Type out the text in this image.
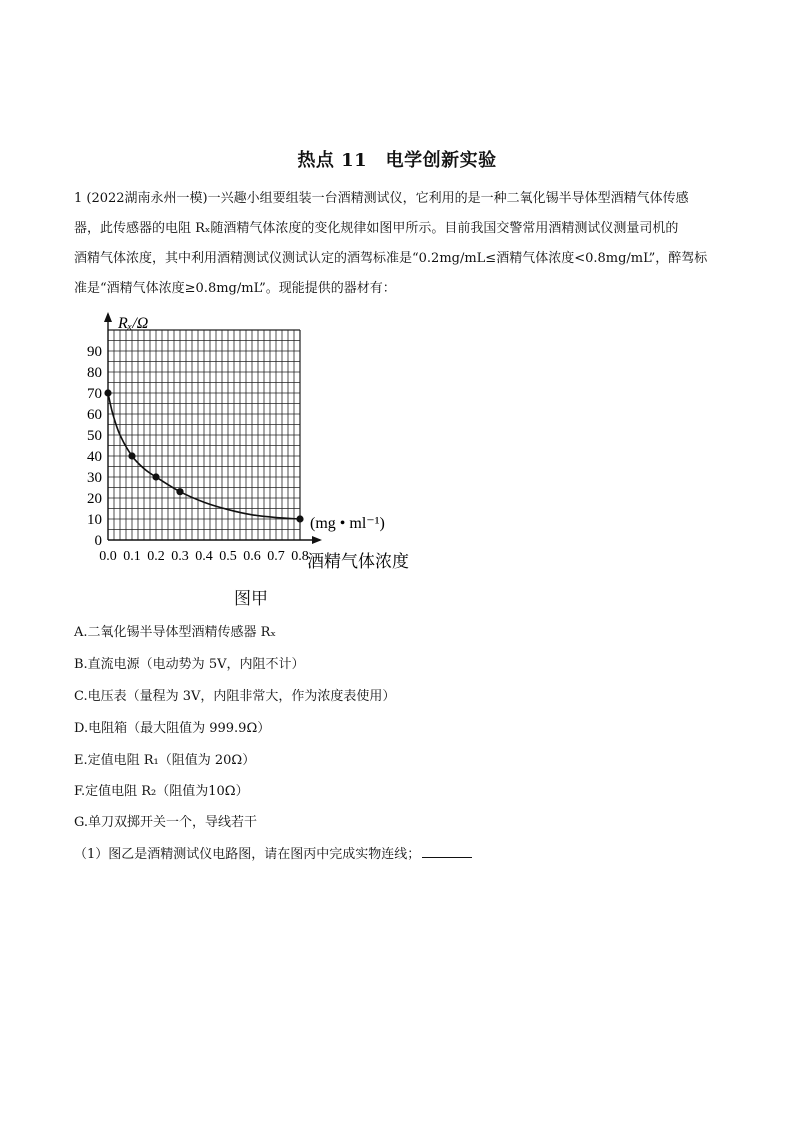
热点 11　电学创新实验
1 (2022湖南永州一模)一兴趣小组要组装一台酒精测试仪，它利用的是一种二氧化锡半导体型酒精气体传感
器，此传感器的电阻 Rₓ随酒精气体浓度的变化规律如图甲所示。目前我国交警常用酒精测试仪测量司机的
酒精气体浓度，其中利用酒精测试仪测试认定的酒驾标准是“0.2mg/mL≤酒精气体浓度<0.8mg/mL”，醉驾标
准是“酒精气体浓度≥0.8mg/mL”。现能提供的器材有：
0
10
20
30
40
50
60
70
80
90
0.0 0.1 0.2 0.3 0.4 0.5 0.6 0.7 0.8
Rₓ/Ω
(mg • ml⁻¹)
酒精气体浓度
图甲
A.二氧化锡半导体型酒精传感器 Rₓ
B.直流电源（电动势为 5V，内阻不计）
C.电压表（量程为 3V，内阻非常大，作为浓度表使用）
D.电阻箱（最大阻值为 999.9Ω）
E.定值电阻 R₁（阻值为 20Ω）
F.定值电阻 R₂（阻值为10Ω）
G.单刀双掷开关一个，导线若干
（1）图乙是酒精测试仪电路图，请在图丙中完成实物连线；
